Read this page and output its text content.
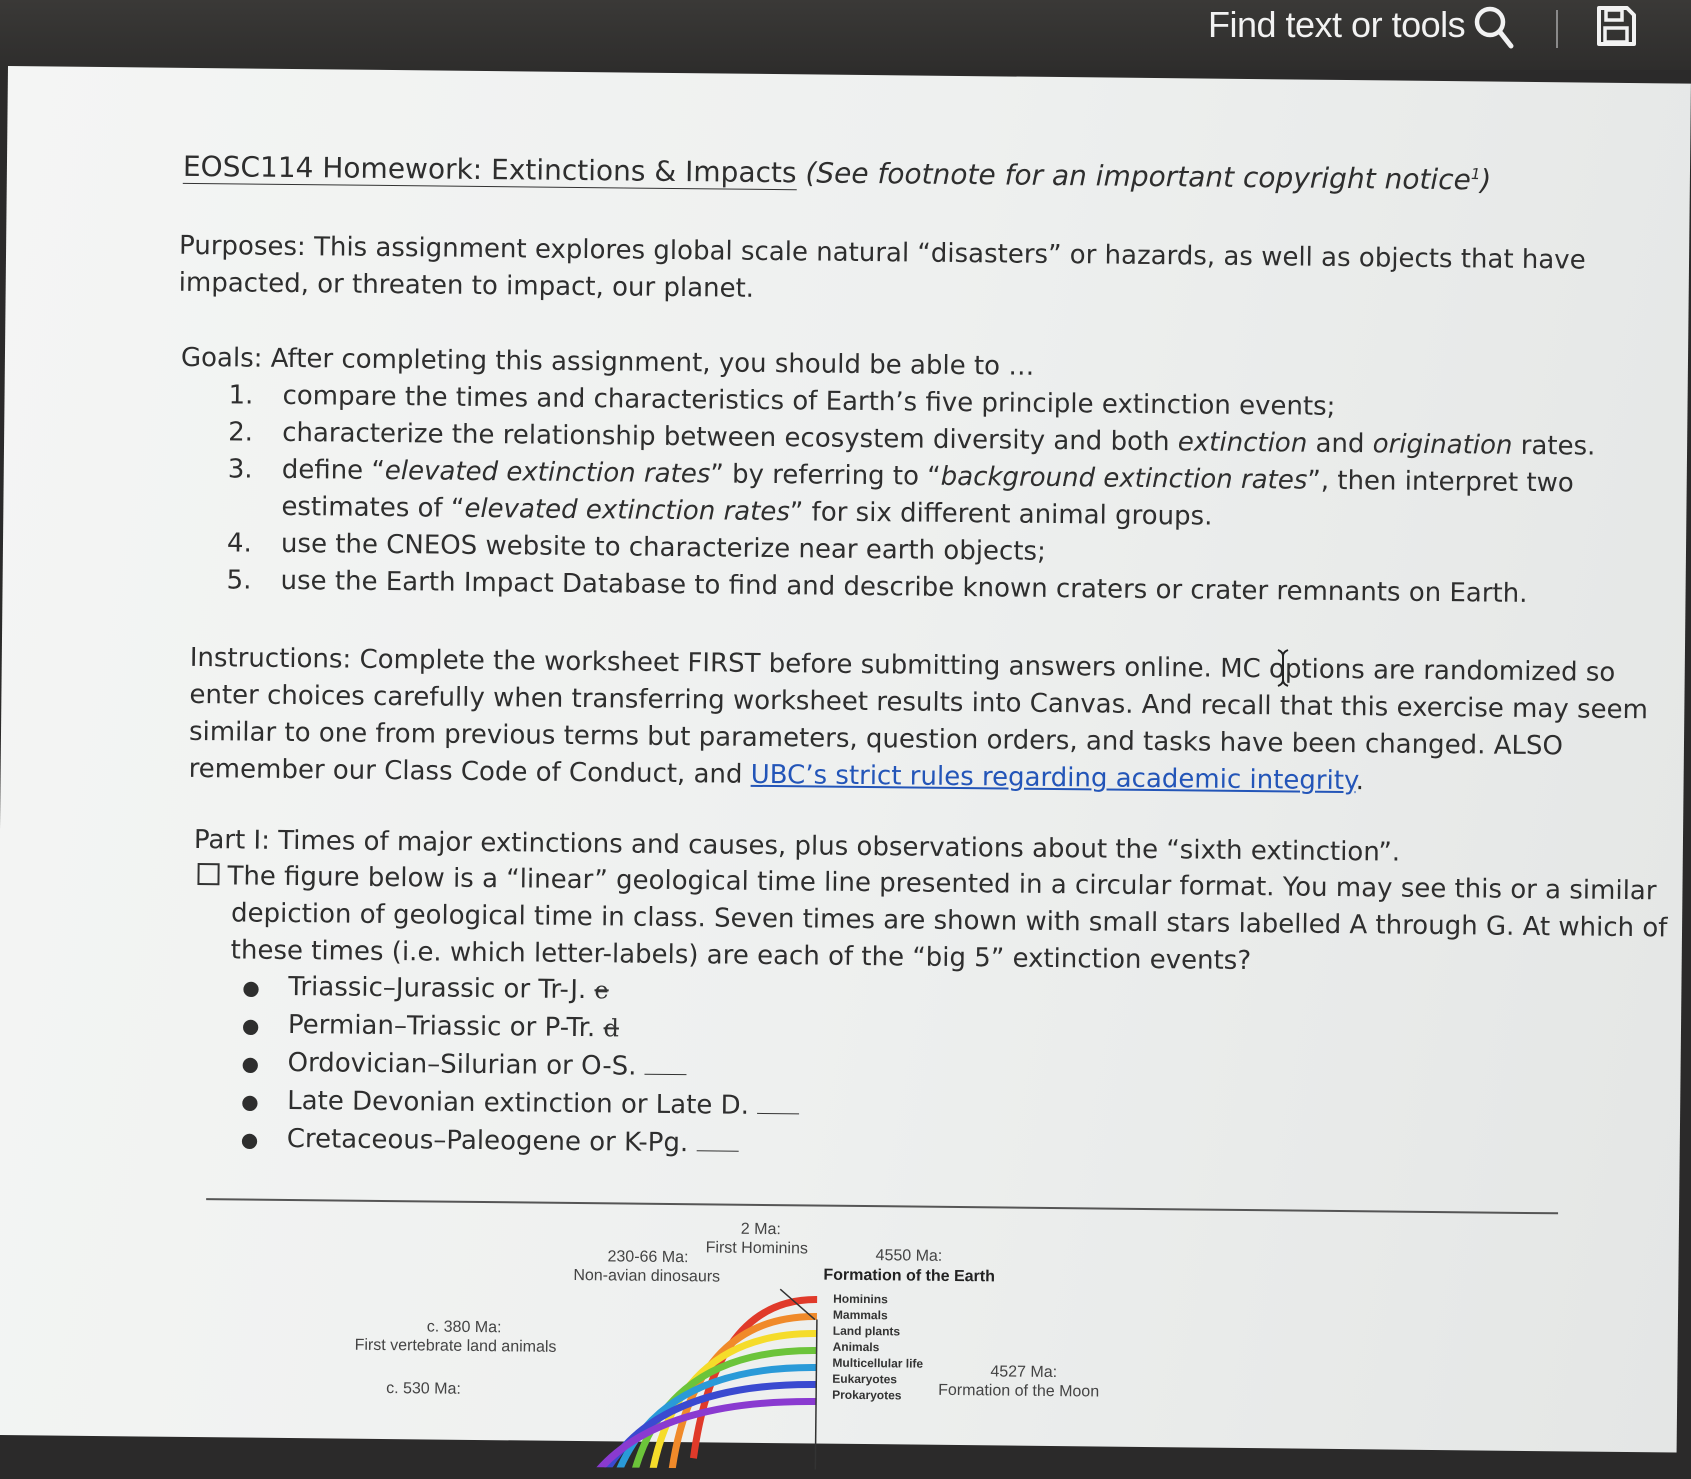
Find text or tools
EOSC114 Homework: Extinctions & Impacts (See footnote for an important copyright notice$^1$)
Purposes: This assignment explores global scale natural “disasters” or hazards, as well as objects that have
impacted, or threaten to impact, our planet.
Goals: After completing this assignment, you should be able to …
1. compare the times and characteristics of Earth’s five principle extinction events;
2. characterize the relationship between ecosystem diversity and both extinction and origination rates.
3. define “elevated extinction rates” by referring to “background extinction rates”, then interpret two
estimates of “elevated extinction rates” for six different animal groups.
4. use the CNEOS website to characterize near earth objects;
5. use the Earth Impact Database to find and describe known craters or crater remnants on Earth.
Instructions: Complete the worksheet FIRST before submitting answers online. MC options are randomized so
enter choices carefully when transferring worksheet results into Canvas. And recall that this exercise may seem
similar to one from previous terms but parameters, question orders, and tasks have been changed. ALSO
remember our Class Code of Conduct, and UBC’s strict rules regarding academic integrity.
Part I: Times of major extinctions and causes, plus observations about the “sixth extinction”.
The figure below is a “linear” geological time line presented in a circular format. You may see this or a similar
depiction of geological time in class. Seven times are shown with small stars labelled A through G. At which of
these times (i.e. which letter-labels) are each of the “big 5” extinction events?
● Triassic–Jurassic or Tr-J. e
● Permian–Triassic or P-Tr. d
● Ordovician–Silurian or O-S.
● Late Devonian extinction or Late D.
● Cretaceous–Paleogene or K-Pg.
2 Ma:
First Hominins
230-66 Ma:
Non-avian dinosaurs
4550 Ma:
Formation of the Earth
c. 380 Ma:
First vertebrate land animals
c. 530 Ma:
4527 Ma:
Formation of the Moon
Hominins
Mammals
Land plants
Animals
Multicellular life
Eukaryotes
Prokaryotes
